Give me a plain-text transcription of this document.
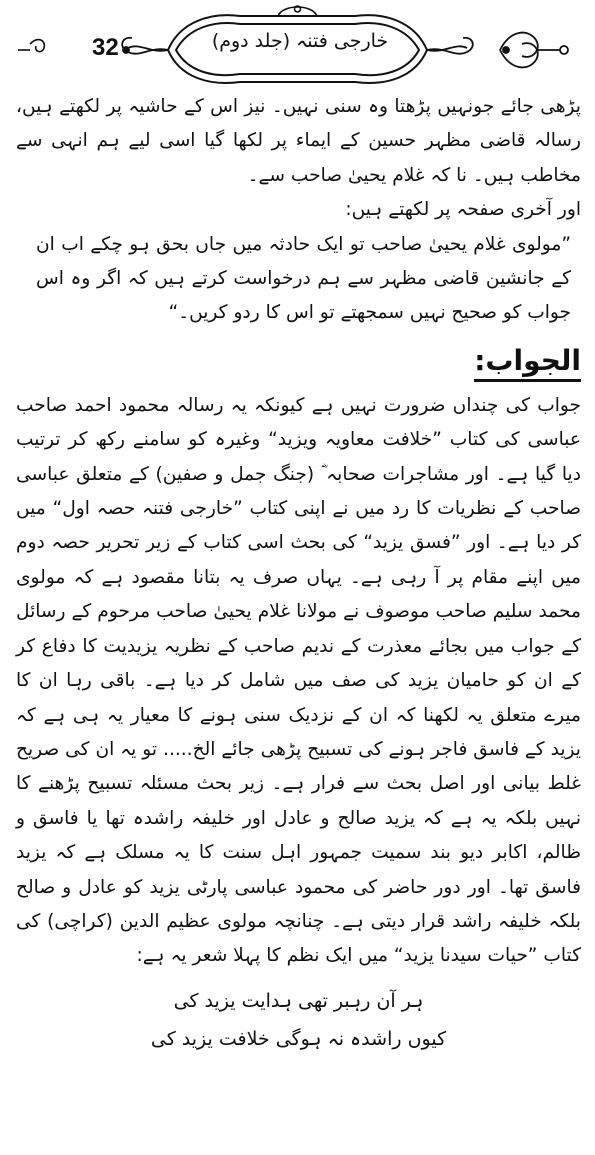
32	خارجی فتنہ (جلد دوم)

پڑھی جائے جونہیں پڑھتا وہ سنی نہیں۔ نیز اس کے حاشیہ پر لکھتے ہیں، رسالہ قاضی مظہر حسین کے ایماء پر لکھا گیا اسی لیے ہم انہی سے مخاطب ہیں۔ نا کہ غلام یحییٰ صاحب سے۔

اور آخری صفحہ پر لکھتے ہیں:

”مولوی غلام یحییٰ صاحب تو ایک حادثہ میں جاں بحق ہو چکے اب ان کے جانشین قاضی مظہر سے ہم درخواست کرتے ہیں کہ اگر وہ اس جواب کو صحیح نہیں سمجھتے تو اس کا ردو کریں۔“

الجواب:

جواب کی چنداں ضرورت نہیں ہے کیونکہ یہ رسالہ محمود احمد صاحب عباسی کی کتاب ”خلافت معاویہ ویزید“ وغیرہ کو سامنے رکھ کر ترتیب دیا گیا ہے۔ اور مشاجرات صحابہ ؓ (جنگ جمل و صفین) کے متعلق عباسی صاحب کے نظریات کا رد میں نے اپنی کتاب ”خارجی فتنہ حصہ اول“ میں کر دیا ہے۔ اور ”فسق یزید“ کی بحث اسی کتاب کے زیر تحریر حصہ دوم میں اپنے مقام پر آ رہی ہے۔ یہاں صرف یہ بتانا مقصود ہے کہ مولوی محمد سلیم صاحب موصوف نے مولانا غلام یحییٰ صاحب مرحوم کے رسائل کے جواب میں بجائے معذرت کے ندیم صاحب کے نظریہ یزیدیت کا دفاع کر کے ان کو حامیان یزید کی صف میں شامل کر دیا ہے۔ باقی رہا ان کا میرے متعلق یہ لکھنا کہ ان کے نزدیک سنی ہونے کا معیار یہ ہی ہے کہ یزید کے فاسق فاجر ہونے کی تسبیح پڑھی جائے الخ..... تو یہ ان کی صریح غلط بیانی اور اصل بحث سے فرار ہے۔ زیر بحث مسئلہ تسبیح پڑھنے کا نہیں بلکہ یہ ہے کہ یزید صالح و عادل اور خلیفہ راشدہ تھا یا فاسق و ظالم، اکابر دیو بند سمیت جمہور اہل سنت کا یہ مسلک ہے کہ یزید فاسق تھا۔ اور دور حاضر کی محمود عباسی پارٹی یزید کو عادل و صالح بلکہ خلیفہ راشد قرار دیتی ہے۔ چنانچہ مولوی عظیم الدین (کراچی) کی کتاب ”حیات سیدنا یزید“ میں ایک نظم کا پہلا شعر یہ ہے:

ہر آن رہبر تھی ہدایت یزید کی
کیوں راشدہ نہ ہوگی خلافت یزید کی
